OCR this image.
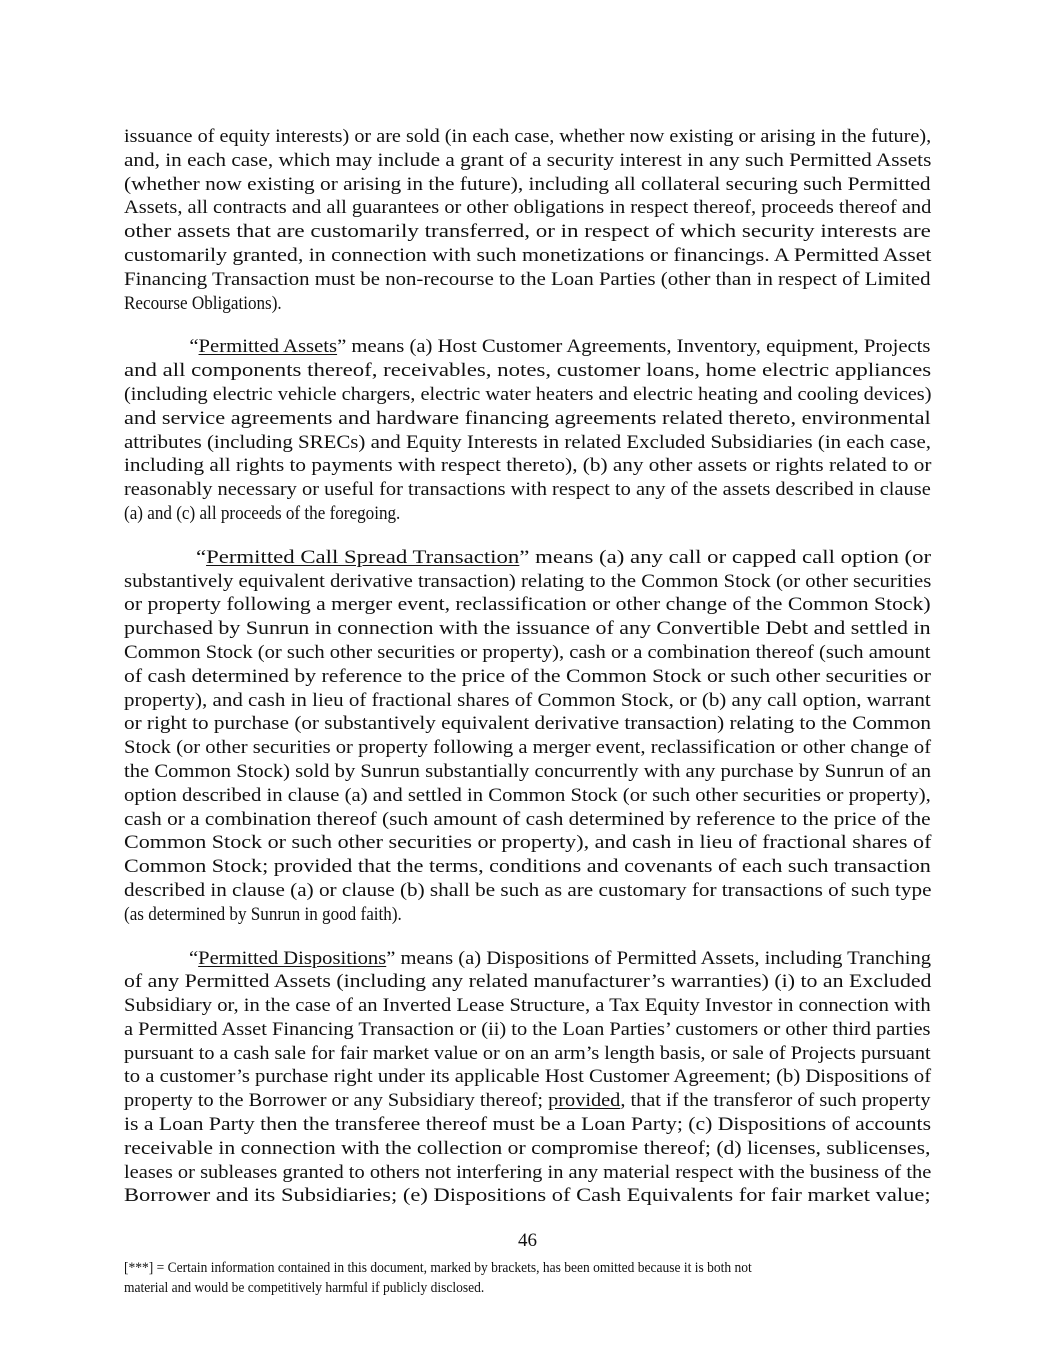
issuance of equity interests) or are sold (in each case, whether now existing or arising in the future),
and, in each case, which may include a grant of a security interest in any such Permitted Assets
(whether now existing or arising in the future), including all collateral securing such Permitted
Assets, all contracts and all guarantees or other obligations in respect thereof, proceeds thereof and
other assets that are customarily transferred, or in respect of which security interests are
customarily granted, in connection with such monetizations or financings. A Permitted Asset
Financing Transaction must be non-recourse to the Loan Parties (other than in respect of Limited
Recourse Obligations).
“Permitted Assets” means (a) Host Customer Agreements, Inventory, equipment, Projects
and all components thereof, receivables, notes, customer loans, home electric appliances
(including electric vehicle chargers, electric water heaters and electric heating and cooling devices)
and service agreements and hardware financing agreements related thereto, environmental
attributes (including SRECs) and Equity Interests in related Excluded Subsidiaries (in each case,
including all rights to payments with respect thereto), (b) any other assets or rights related to or
reasonably necessary or useful for transactions with respect to any of the assets described in clause
(a) and (c) all proceeds of the foregoing.
“Permitted Call Spread Transaction” means (a) any call or capped call option (or
substantively equivalent derivative transaction) relating to the Common Stock (or other securities
or property following a merger event, reclassification or other change of the Common Stock)
purchased by Sunrun in connection with the issuance of any Convertible Debt and settled in
Common Stock (or such other securities or property), cash or a combination thereof (such amount
of cash determined by reference to the price of the Common Stock or such other securities or
property), and cash in lieu of fractional shares of Common Stock, or (b) any call option, warrant
or right to purchase (or substantively equivalent derivative transaction) relating to the Common
Stock (or other securities or property following a merger event, reclassification or other change of
the Common Stock) sold by Sunrun substantially concurrently with any purchase by Sunrun of an
option described in clause (a) and settled in Common Stock (or such other securities or property),
cash or a combination thereof (such amount of cash determined by reference to the price of the
Common Stock or such other securities or property), and cash in lieu of fractional shares of
Common Stock; provided that the terms, conditions and covenants of each such transaction
described in clause (a) or clause (b) shall be such as are customary for transactions of such type
(as determined by Sunrun in good faith).
“Permitted Dispositions” means (a) Dispositions of Permitted Assets, including Tranching
of any Permitted Assets (including any related manufacturer’s warranties) (i) to an Excluded
Subsidiary or, in the case of an Inverted Lease Structure, a Tax Equity Investor in connection with
a Permitted Asset Financing Transaction or (ii) to the Loan Parties’ customers or other third parties
pursuant to a cash sale for fair market value or on an arm’s length basis, or sale of Projects pursuant
to a customer’s purchase right under its applicable Host Customer Agreement; (b) Dispositions of
property to the Borrower or any Subsidiary thereof; provided, that if the transferor of such property
is a Loan Party then the transferee thereof must be a Loan Party; (c) Dispositions of accounts
receivable in connection with the collection or compromise thereof; (d) licenses, sublicenses,
leases or subleases granted to others not interfering in any material respect with the business of the
Borrower and its Subsidiaries; (e) Dispositions of Cash Equivalents for fair market value;
46
[***] = Certain information contained in this document, marked by brackets, has been omitted because it is both not
material and would be competitively harmful if publicly disclosed.
